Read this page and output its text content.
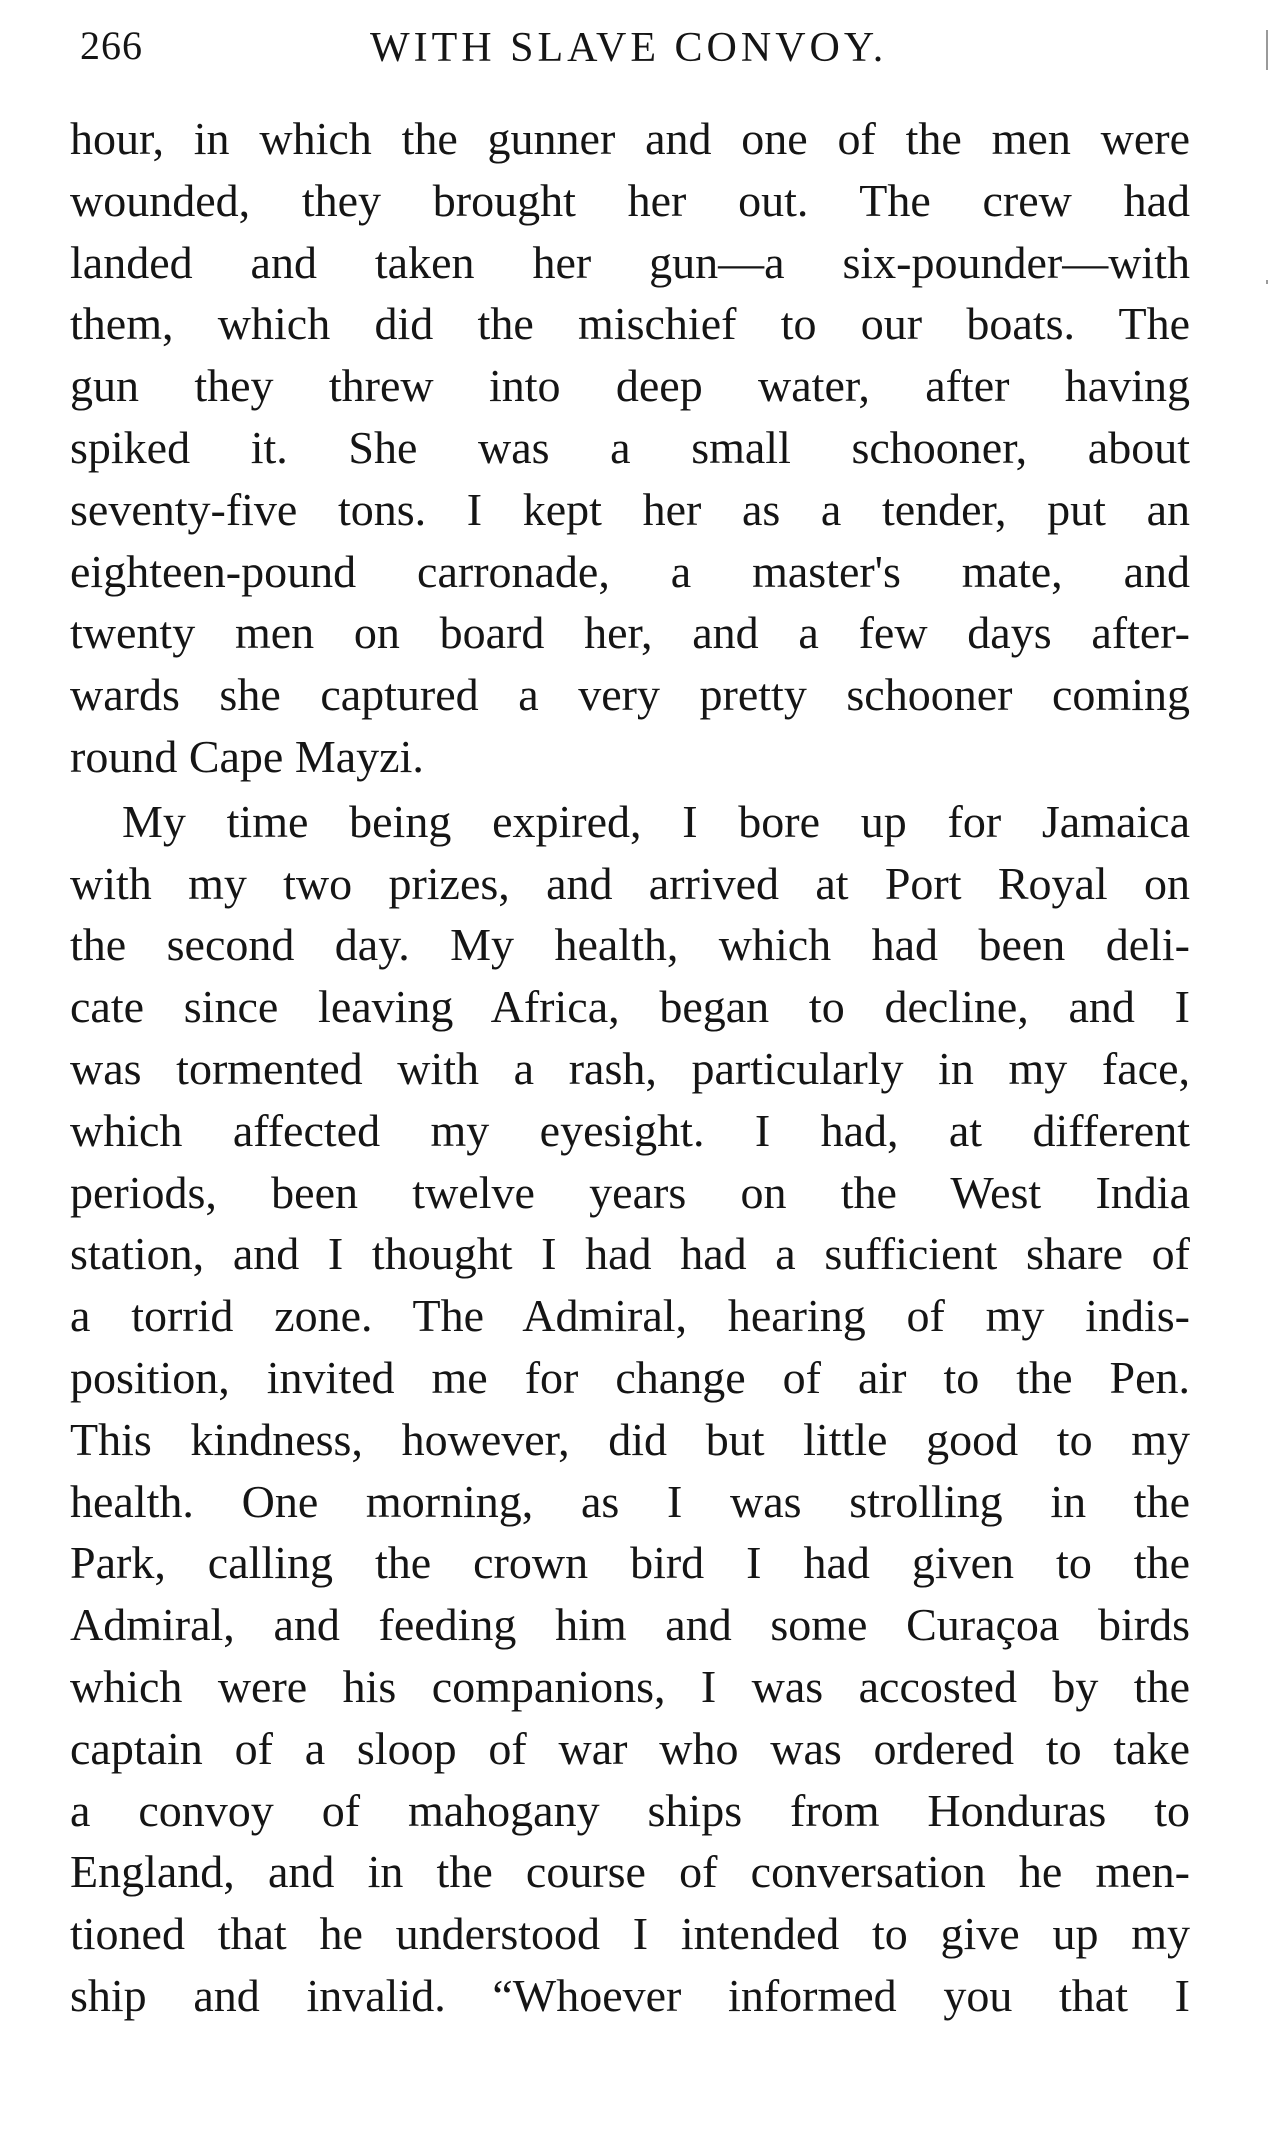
266	WITH SLAVE CONVOY.
hour, in which the gunner and one of the men were
wounded, they brought her out. The crew had
landed and taken her gun—a six-pounder—with
them, which did the mischief to our boats. The
gun they threw into deep water, after having
spiked it. She was a small schooner, about
seventy-five tons. I kept her as a tender, put an
eighteen-pound carronade, a master's mate, and
twenty men on board her, and a few days after-
wards she captured a very pretty schooner coming
round Cape Mayzi.
My time being expired, I bore up for Jamaica
with my two prizes, and arrived at Port Royal on
the second day. My health, which had been deli-
cate since leaving Africa, began to decline, and I
was tormented with a rash, particularly in my face,
which affected my eyesight. I had, at different
periods, been twelve years on the West India
station, and I thought I had had a sufficient share of
a torrid zone. The Admiral, hearing of my indis-
position, invited me for change of air to the Pen.
This kindness, however, did but little good to my
health. One morning, as I was strolling in the
Park, calling the crown bird I had given to the
Admiral, and feeding him and some Curaçoa birds
which were his companions, I was accosted by the
captain of a sloop of war who was ordered to take
a convoy of mahogany ships from Honduras to
England, and in the course of conversation he men-
tioned that he understood I intended to give up my
ship and invalid. “Whoever informed you that I
